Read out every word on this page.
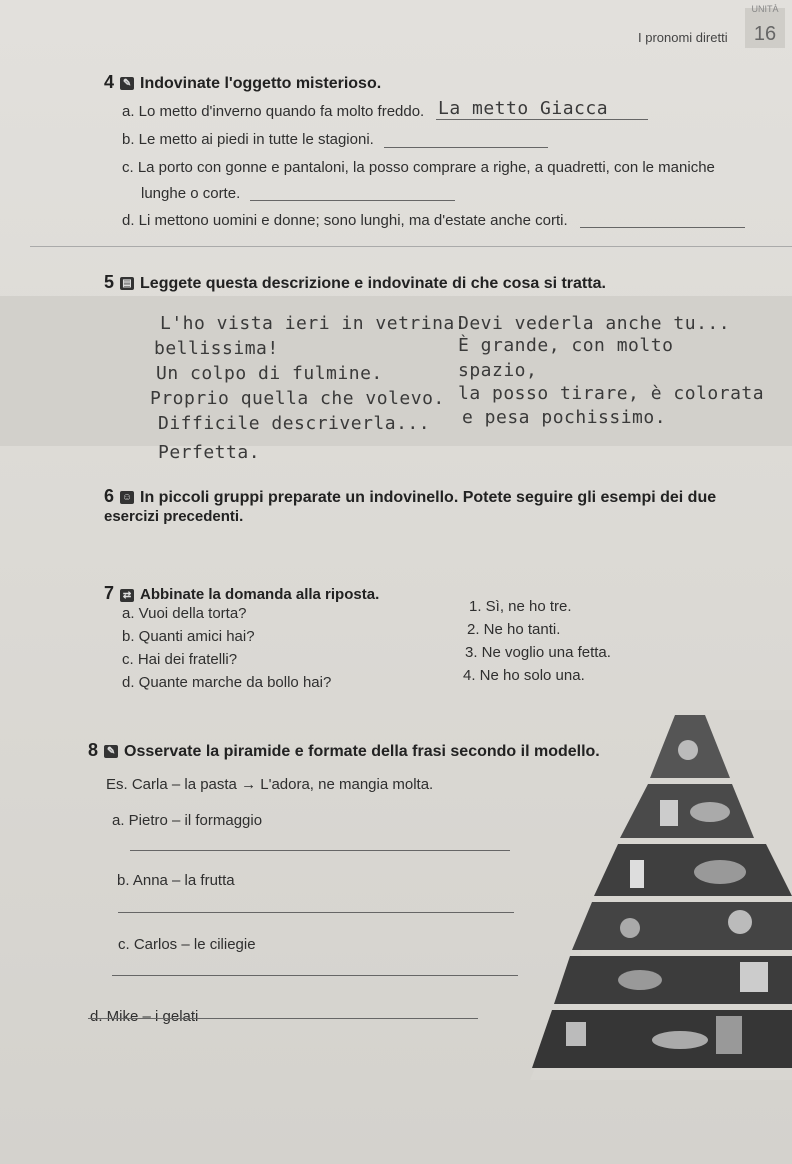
I pronomi diretti
UNITÀ
16
4 ✎ Indovinate l'oggetto misterioso.
a. Lo metto d'inverno quando fa molto freddo. La metto Giacca
b. Le metto ai piedi in tutte le stagioni.
c. La porto con gonne e pantaloni, la posso comprare a righe, a quadretti, con le maniche
lunghe o corte.
d. Li mettono uomini e donne; sono lunghi, ma d'estate anche corti.
5 ▤ Leggete questa descrizione e indovinate di che cosa si tratta.
L'ho vista ieri in vetrina:
bellissima!
Un colpo di fulmine.
Proprio quella che volevo.
Difficile descriverla...
Perfetta.
Devi vederla anche tu...
È grande, con molto
spazio,
la posso tirare, è colorata
e pesa pochissimo.
6 ☺ In piccoli gruppi preparate un indovinello. Potete seguire gli esempi dei due
esercizi precedenti.
7 ⇄ Abbinate la domanda alla riposta.
a. Vuoi della torta?
b. Quanti amici hai?
c. Hai dei fratelli?
d. Quante marche da bollo hai?
1. Sì, ne ho tre.
2. Ne ho tanti.
3. Ne voglio una fetta.
4. Ne ho solo una.
8 ✎ Osservate la piramide e formate della frasi secondo il modello.
Es. Carla – la pasta → L'adora, ne mangia molta.
a. Pietro – il formaggio
b. Anna – la frutta
c. Carlos – le ciliegie
d. Mike – i gelati
